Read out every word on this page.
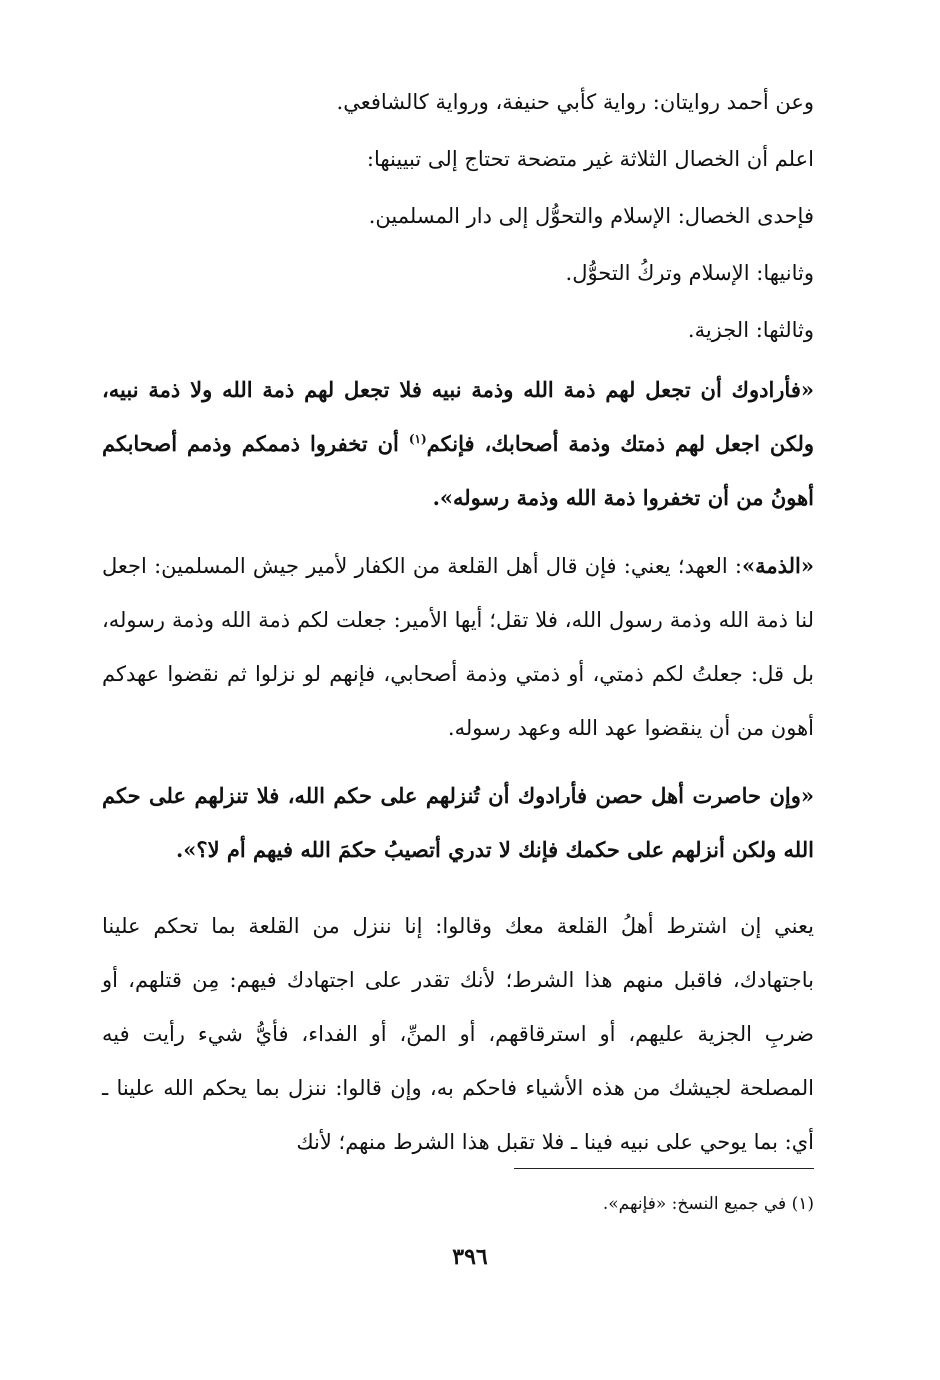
وعن أحمد روايتان: رواية كأبي حنيفة، ورواية كالشافعي.

اعلم أن الخصال الثلاثة غير متضحة تحتاج إلى تبيينها:

فإحدى الخصال: الإسلام والتحوُّل إلى دار المسلمين.

وثانيها: الإسلام وتركُ التحوُّل.

وثالثها: الجزية.

«فأرادوك أن تجعل لهم ذمة الله وذمة نبيه فلا تجعل لهم ذمة الله ولا ذمة نبيه، ولكن اجعل لهم ذمتك وذمة أصحابك، فإنكم$^{(١)}$ أن تخفروا ذممكم وذمم أصحابكم أهونُ من أن تخفروا ذمة الله وذمة رسوله».

«الذمة»: العهد؛ يعني: فإن قال أهل القلعة من الكفار لأمير جيش المسلمين: اجعل لنا ذمة الله وذمة رسول الله، فلا تقل؛ أيها الأمير: جعلت لكم ذمة الله وذمة رسوله، بل قل: جعلتُ لكم ذمتي، أو ذمتي وذمة أصحابي، فإنهم لو نزلوا ثم نقضوا عهدكم أهون من أن ينقضوا عهد الله وعهد رسوله.

«وإن حاصرت أهل حصن فأرادوك أن تُنزلهم على حكم الله، فلا تنزلهم على حكم الله ولكن أنزلهم على حكمك فإنك لا تدري أتصيبُ حكمَ الله فيهم أم لا؟».

يعني إن اشترط أهلُ القلعة معك وقالوا: إنا ننزل من القلعة بما تحكم علينا باجتهادك، فاقبل منهم هذا الشرط؛ لأنك تقدر على اجتهادك فيهم: مِن قتلهم، أو ضربِ الجزية عليهم، أو استرقاقهم، أو المنِّ، أو الفداء، فأيُّ شيء رأيت فيه المصلحة لجيشك من هذه الأشياء فاحكم به، وإن قالوا: ننزل بما يحكم الله علينا ـ أي: بما يوحي على نبيه فينا ـ فلا تقبل هذا الشرط منهم؛ لأنك

(١) في جميع النسخ: «فإنهم».
٣٩٦
